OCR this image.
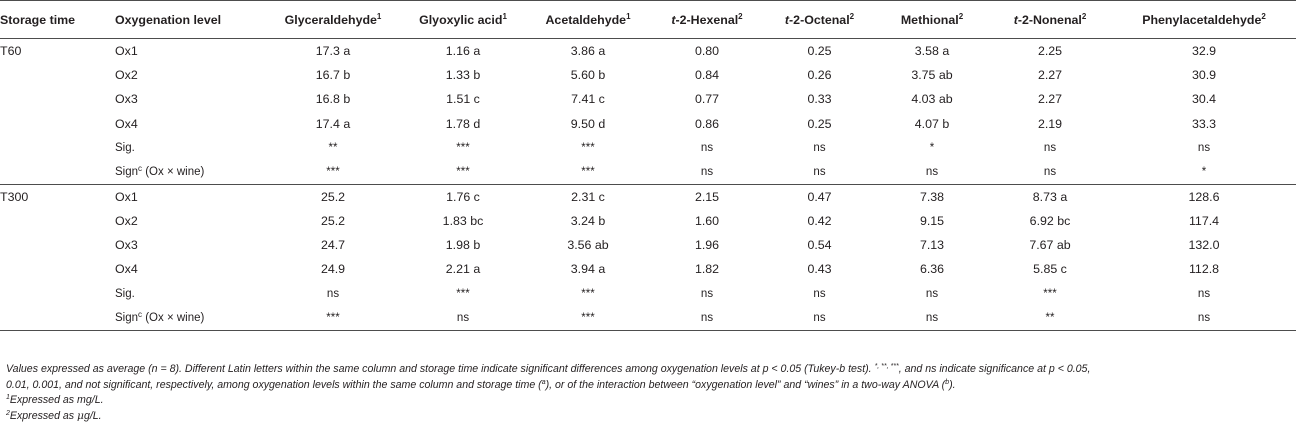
Storage time	Oxygenation level	Glyceraldehyde$^1$	Glyoxylic acid$^1$	Acetaldehyde$^1$	t-2-Hexenal$^2$	t-2-Octenal$^2$	Methional$^2$	t-2-Nonenal$^2$	Phenylacetaldehyde$^2$
T60	Ox1	17.3 a	1.16 a	3.86 a	0.80	0.25	3.58 a	2.25	32.9
	Ox2	16.7 b	1.33 b	5.60 b	0.84	0.26	3.75 ab	2.27	30.9
	Ox3	16.8 b	1.51 c	7.41 c	0.77	0.33	4.03 ab	2.27	30.4
	Ox4	17.4 a	1.78 d	9.50 d	0.86	0.25	4.07 b	2.19	33.3
	Sig.	**	***	***	ns	ns	*	ns	ns
	Sign$^c$ (Ox × wine)	***	***	***	ns	ns	ns	ns	*
T300	Ox1	25.2	1.76 c	2.31 c	2.15	0.47	7.38	8.73 a	128.6
	Ox2	25.2	1.83 bc	3.24 b	1.60	0.42	9.15	6.92 bc	117.4
	Ox3	24.7	1.98 b	3.56 ab	1.96	0.54	7.13	7.67 ab	132.0
	Ox4	24.9	2.21 a	3.94 a	1.82	0.43	6.36	5.85 c	112.8
	Sig.	ns	***	***	ns	ns	ns	***	ns
	Sign$^c$ (Ox × wine)	***	ns	***	ns	ns	ns	**	ns

Values expressed as average (n = 8). Different Latin letters within the same column and storage time indicate significant differences among oxygenation levels at p < 0.05 (Tukey-b test). *, **, ***, and ns indicate significance at p < 0.05,
0.01, 0.001, and not significant, respectively, among oxygenation levels within the same column and storage time ($^a$), or of the interaction between “oxygenation level” and “wines” in a two-way ANOVA ($^b$).

$^1$Expressed as mg/L.

$^2$Expressed as μg/L.
